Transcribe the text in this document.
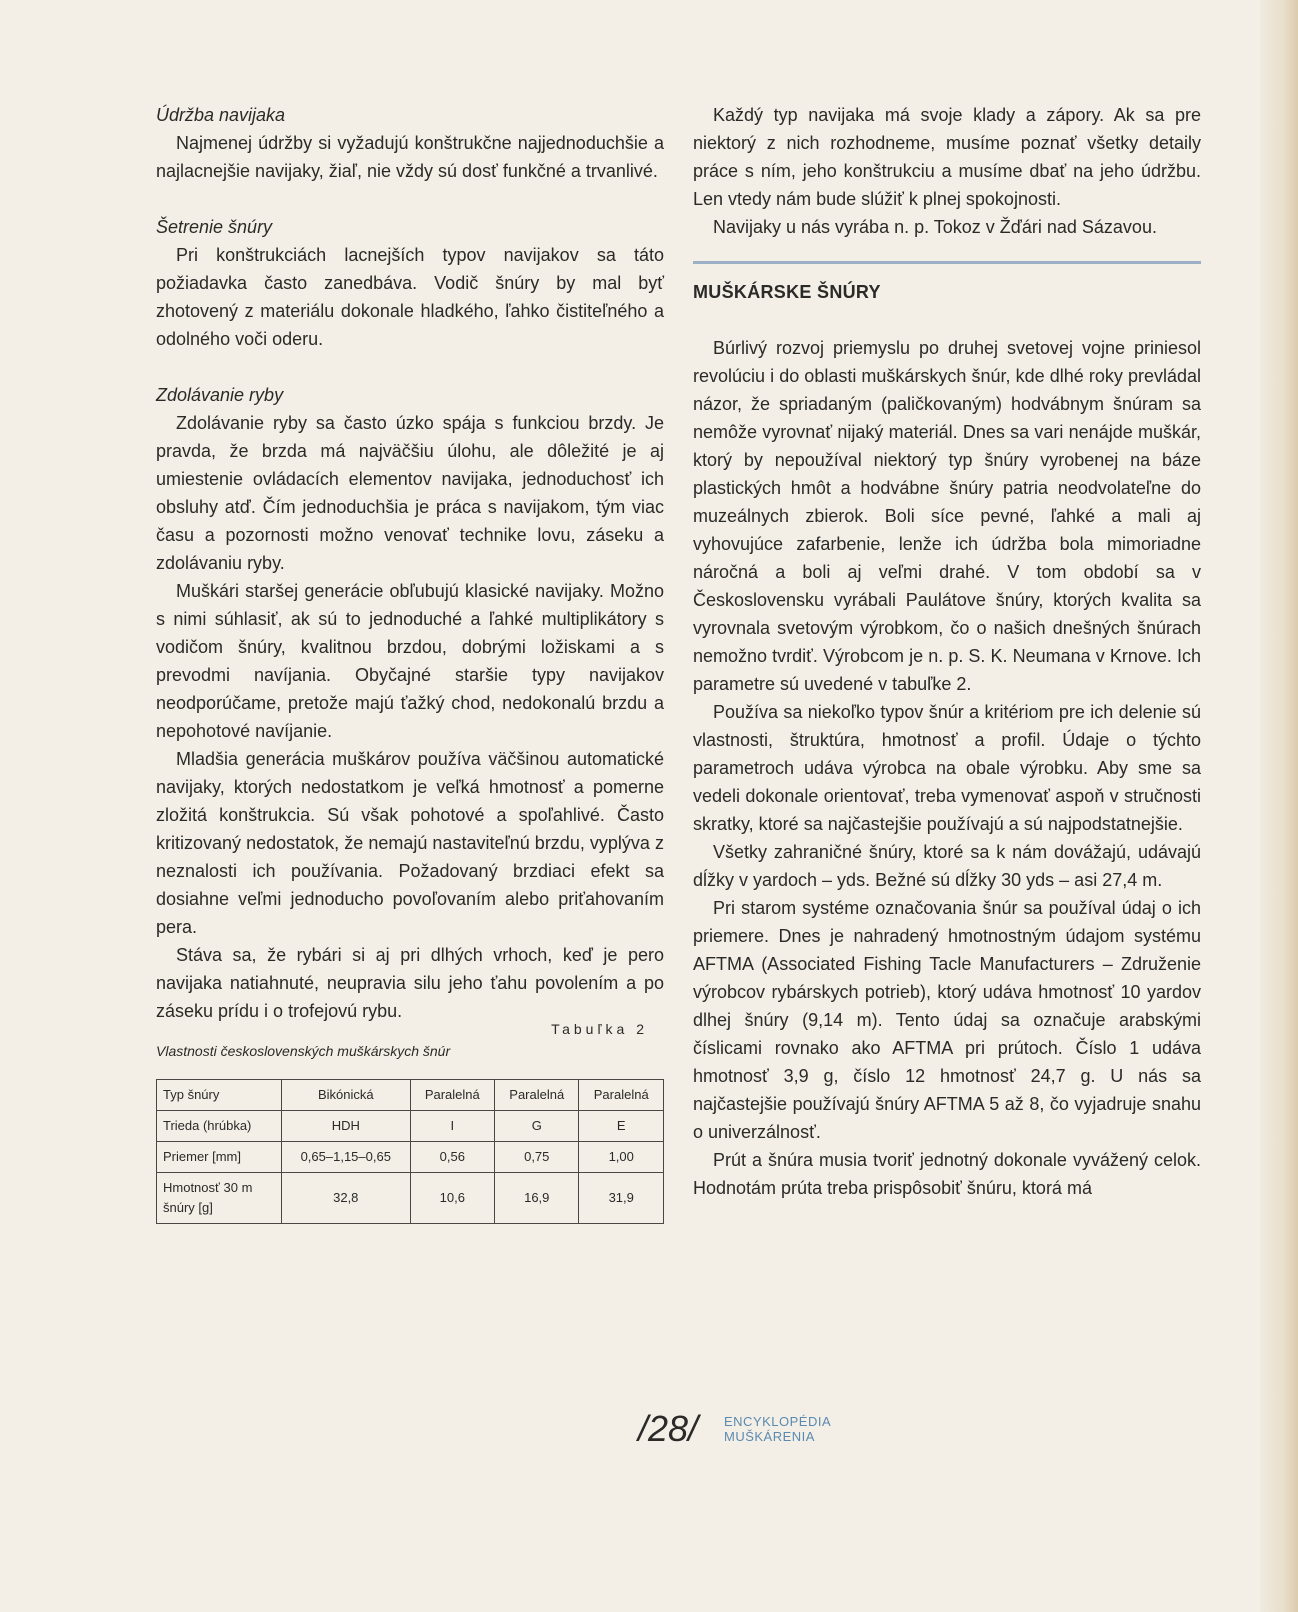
Údržba navijaka

Najmenej údržby si vyžadujú konštrukčne najjednoduchšie a najlacnejšie navijaky, žiaľ, nie vždy sú dosť funkčné a trvanlivé.

Šetrenie šnúry

Pri konštrukciách lacnejších typov navijakov sa táto požiadavka často zanedbáva. Vodič šnúry by mal byť zhotovený z materiálu dokonale hladkého, ľahko čistiteľného a odolného voči oderu.

Zdolávanie ryby

Zdolávanie ryby sa často úzko spája s funkciou brzdy. Je pravda, že brzda má najväčšiu úlohu, ale dôležité je aj umiestenie ovládacích elementov navijaka, jednoduchosť ich obsluhy atď. Čím jednoduchšia je práca s navijakom, tým viac času a pozornosti možno venovať technike lovu, záseku a zdolávaniu ryby.

Muškári staršej generácie obľubujú klasické navijaky. Možno s nimi súhlasiť, ak sú to jednoduché a ľahké multiplikátory s vodičom šnúry, kvalitnou brzdou, dobrými ložiskami a s prevodmi navíjania. Obyčajné staršie typy navijakov neodporúčame, pretože majú ťažký chod, nedokonalú brzdu a nepohotové navíjanie.

Mladšia generácia muškárov používa väčšinou automatické navijaky, ktorých nedostatkom je veľká hmotnosť a pomerne zložitá konštrukcia. Sú však pohotové a spoľahlivé. Často kritizovaný nedostatok, že nemajú nastaviteľnú brzdu, vyplýva z neznalosti ich používania. Požadovaný brzdiaci efekt sa dosiahne veľmi jednoducho povoľovaním alebo priťahovaním pera.

Stáva sa, že rybári si aj pri dlhých vrhoch, keď je pero navijaka natiahnuté, neupravia silu jeho ťahu povolením a po záseku prídu i o trofejovú rybu.

Tabuľka 2
Vlastnosti československých muškárskych šnúr
Typ šnúry	Bikónická	Paralelná	Paralelná	Paralelná
Trieda (hrúbka)	HDH	I	G	E
Priemer [mm]	0,65–1,15–0,65	0,56	0,75	1,00
Hmotnosť 30 m šnúry [g]	32,8	10,6	16,9	31,9

Každý typ navijaka má svoje klady a zápory. Ak sa pre niektorý z nich rozhodneme, musíme poznať všetky detaily práce s ním, jeho konštrukciu a musíme dbať na jeho údržbu. Len vtedy nám bude slúžiť k plnej spokojnosti.

Navijaky u nás vyrába n. p. Tokoz v Žďári nad Sázavou.

MUŠKÁRSKE ŠNÚRY

Búrlivý rozvoj priemyslu po druhej svetovej vojne priniesol revolúciu i do oblasti muškárskych šnúr, kde dlhé roky prevládal názor, že spriadaným (paličkovaným) hodvábnym šnúram sa nemôže vyrovnať nijaký materiál. Dnes sa vari nenájde muškár, ktorý by nepoužíval niektorý typ šnúry vyrobenej na báze plastických hmôt a hodvábne šnúry patria neodvolateľne do muzeálnych zbierok. Boli síce pevné, ľahké a mali aj vyhovujúce zafarbenie, lenže ich údržba bola mimoriadne náročná a boli aj veľmi drahé. V tom období sa v Československu vyrábali Paulátove šnúry, ktorých kvalita sa vyrovnala svetovým výrobkom, čo o našich dnešných šnúrach nemožno tvrdiť. Výrobcom je n. p. S. K. Neumana v Krnove. Ich parametre sú uvedené v tabuľke 2.

Používa sa niekoľko typov šnúr a kritériom pre ich delenie sú vlastnosti, štruktúra, hmotnosť a profil. Údaje o týchto parametroch udáva výrobca na obale výrobku. Aby sme sa vedeli dokonale orientovať, treba vymenovať aspoň v stručnosti skratky, ktoré sa najčastejšie používajú a sú najpodstatnejšie.

Všetky zahraničné šnúry, ktoré sa k nám dovážajú, udávajú dĺžky v yardoch – yds. Bežné sú dĺžky 30 yds – asi 27,4 m.

Pri starom systéme označovania šnúr sa používal údaj o ich priemere. Dnes je nahradený hmotnostným údajom systému AFTMA (Associated Fishing Tacle Manufacturers – Združenie výrobcov rybárskych potrieb), ktorý udáva hmotnosť 10 yardov dlhej šnúry (9,14 m). Tento údaj sa označuje arabskými číslicami rovnako ako AFTMA pri prútoch. Číslo 1 udáva hmotnosť 3,9 g, číslo 12 hmotnosť 24,7 g. U nás sa najčastejšie používajú šnúry AFTMA 5 až 8, čo vyjadruje snahu o univerzálnosť.

Prút a šnúra musia tvoriť jednotný dokonale vyvážený celok. Hodnotám prúta treba prispôsobiť šnúru, ktorá má

/28/ ENCYKLOPÉDIA
MUŠKÁRENIA
